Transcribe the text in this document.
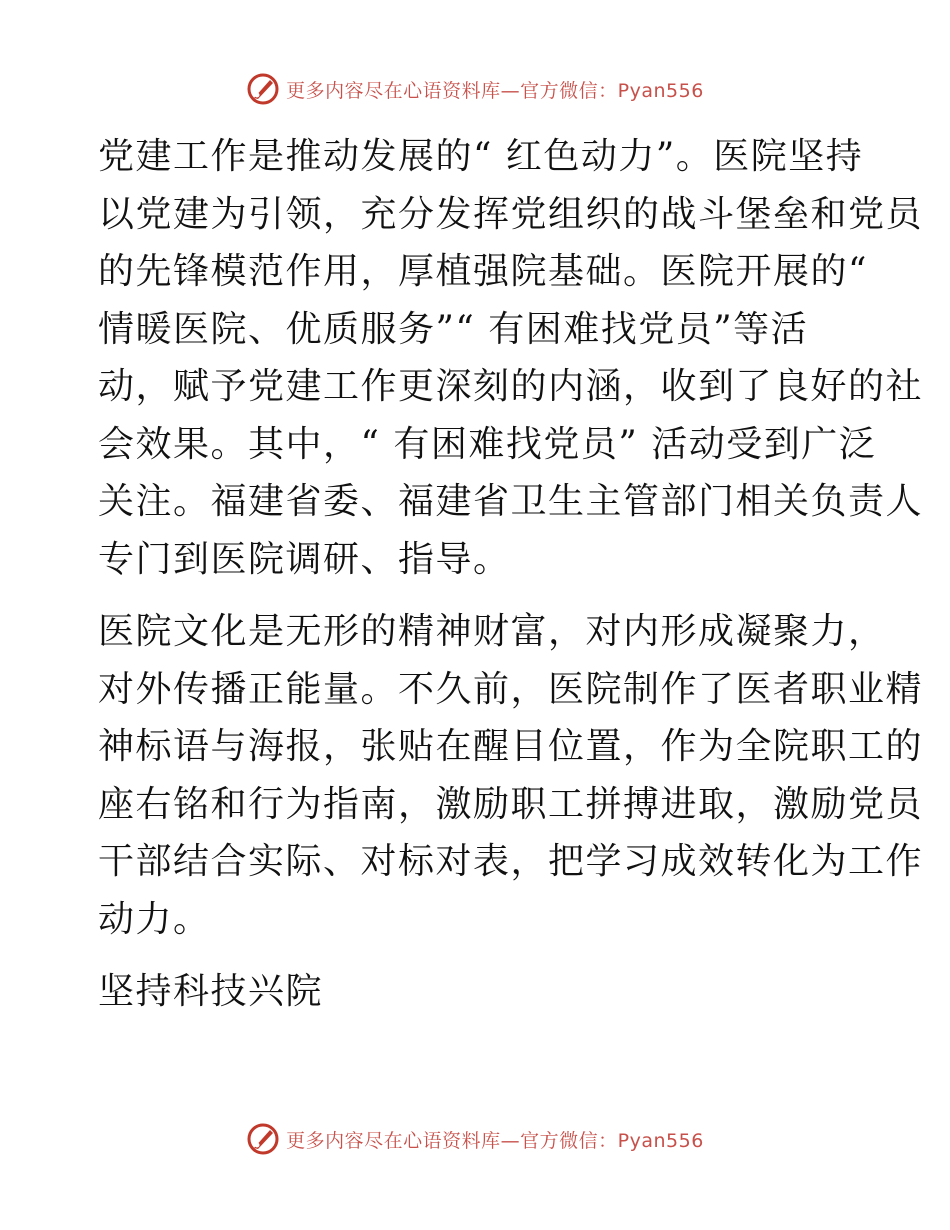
更多内容尽在心语资料库—官方微信：Pyan556
党建工作是推动发展的“ 红色动力”。医院坚持
以党建为引领，充分发挥党组织的战斗堡垒和党员
的先锋模范作用，厚植强院基础。医院开展的“
情暖医院、优质服务”“ 有困难找党员”等活
动，赋予党建工作更深刻的内涵，收到了良好的社
会效果。其中，“ 有困难找党员” 活动受到广泛
关注。福建省委、福建省卫生主管部门相关负责人
专门到医院调研、指导。
医院文化是无形的精神财富，对内形成凝聚力，
对外传播正能量。不久前，医院制作了医者职业精
神标语与海报，张贴在醒目位置，作为全院职工的
座右铭和行为指南，激励职工拼搏进取，激励党员
干部结合实际、对标对表，把学习成效转化为工作
动力。
坚持科技兴院
更多内容尽在心语资料库—官方微信：Pyan556
